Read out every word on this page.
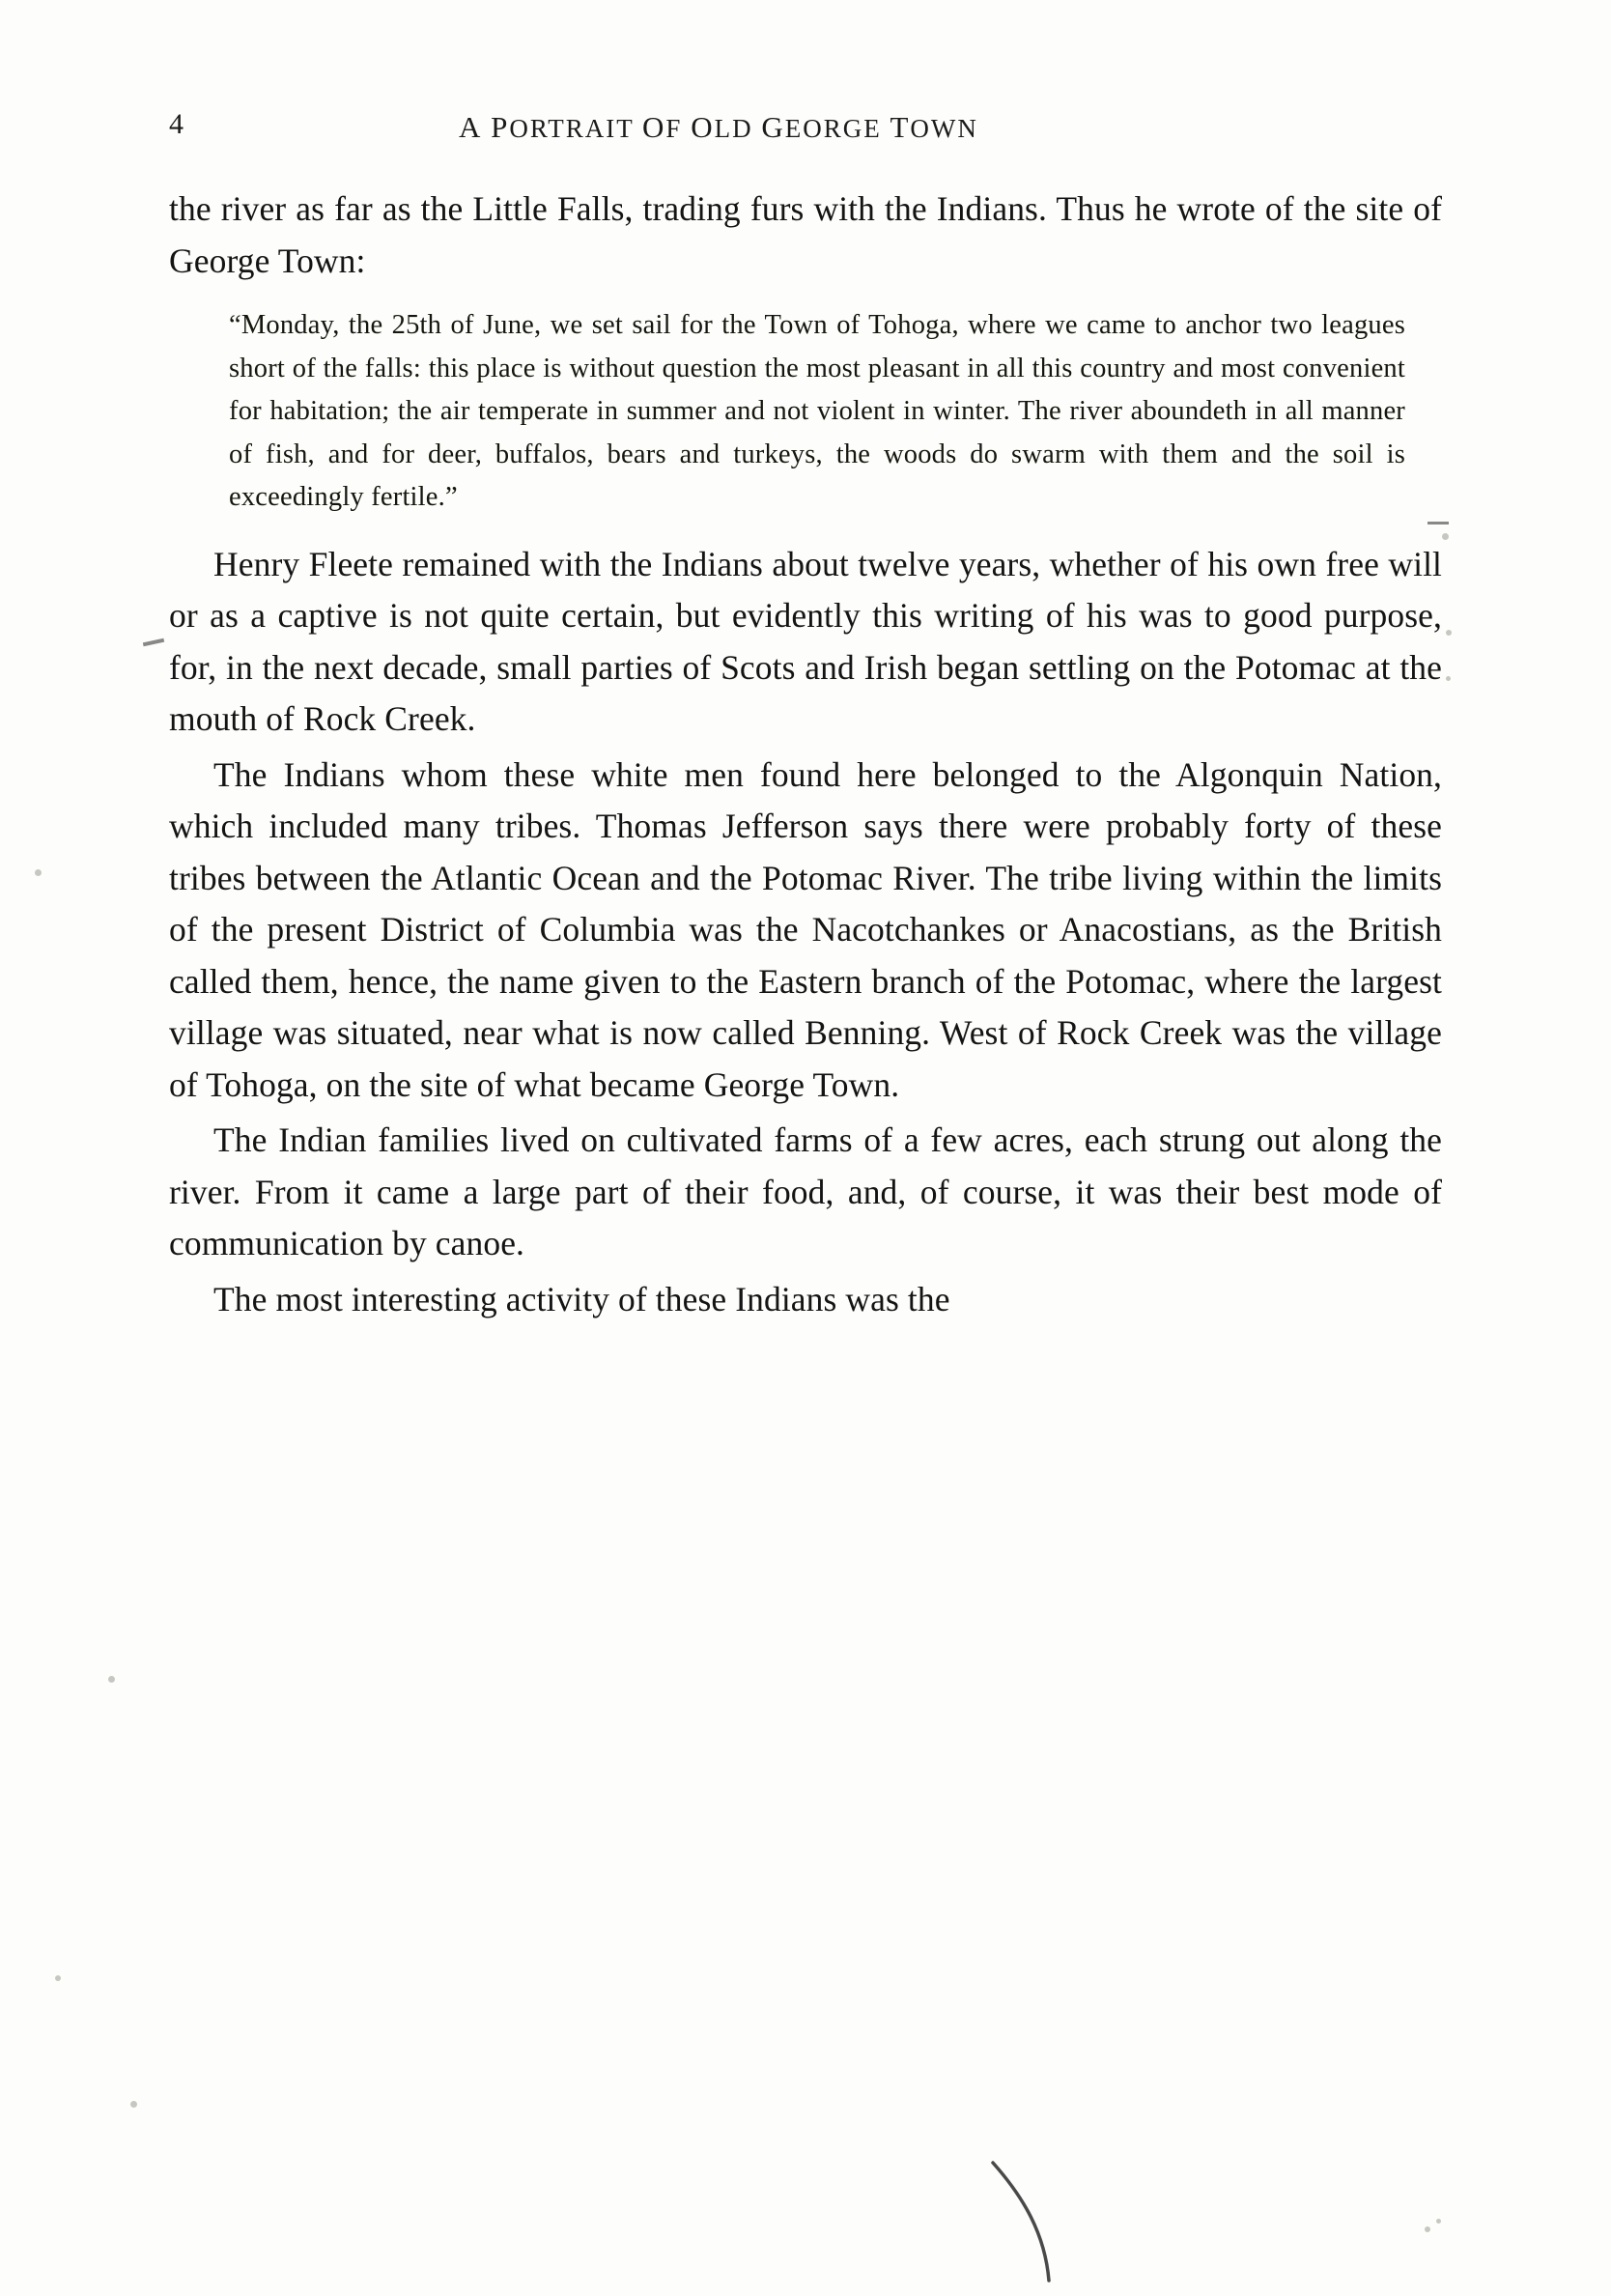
4	A PORTRAIT OF OLD GEORGE TOWN

the river as far as the Little Falls, trading furs with the Indians. Thus he wrote of the site of George Town:

“Monday, the 25th of June, we set sail for the Town of Tohoga, where we came to anchor two leagues short of the falls: this place is without question the most pleasant in all this country and most convenient for habitation; the air temperate in summer and not violent in winter. The river aboundeth in all manner of fish, and for deer, buffalos, bears and turkeys, the woods do swarm with them and the soil is exceedingly fertile.”

Henry Fleete remained with the Indians about twelve years, whether of his own free will or as a captive is not quite certain, but evidently this writing of his was to good purpose, for, in the next decade, small parties of Scots and Irish began settling on the Potomac at the mouth of Rock Creek.

The Indians whom these white men found here belonged to the Algonquin Nation, which included many tribes. Thomas Jefferson says there were probably forty of these tribes between the Atlantic Ocean and the Potomac River. The tribe living within the limits of the present District of Columbia was the Nacotchankes or Anacostians, as the British called them, hence, the name given to the Eastern branch of the Potomac, where the largest village was situated, near what is now called Benning. West of Rock Creek was the village of Tohoga, on the site of what became George Town.

The Indian families lived on cultivated farms of a few acres, each strung out along the river. From it came a large part of their food, and, of course, it was their best mode of communication by canoe.

The most interesting activity of these Indians was the
